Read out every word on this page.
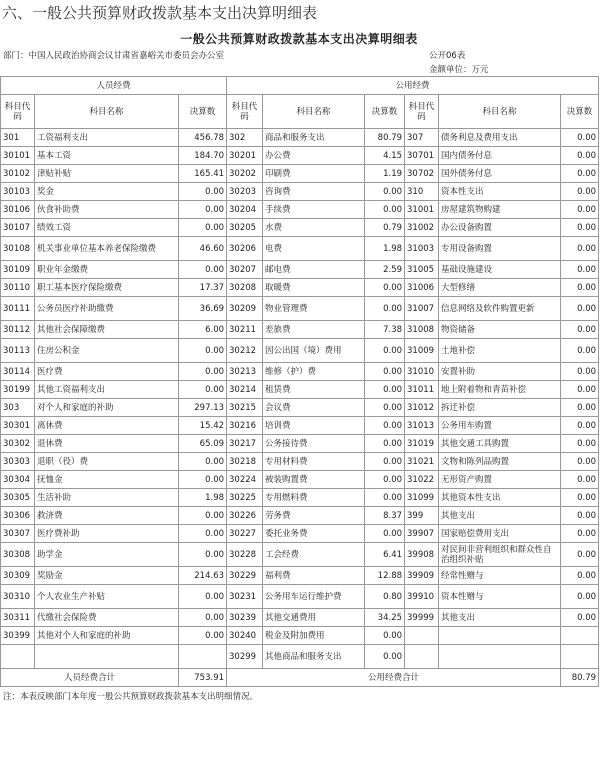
六、一般公共预算财政拨款基本支出决算明细表
一般公共预算财政拨款基本支出决算明细表
部门：中国人民政治协商会议甘肃省嘉峪关市委员会办公室	公开06表
金额单位：万元
人员经费			公用经费					
科目代码	科目名称	决算数	科目代码	科目名称	决算数	科目代码	科目名称	决算数
301	工资福利支出	456.78	302	商品和服务支出	80.79	307	债务利息及费用支出	0.00
30101	基本工资	184.70	30201	办公费	4.15	30701	国内债务付息	0.00
30102	津贴补贴	165.41	30202	印刷费	1.19	30702	国外债务付息	0.00
30103	奖金	0.00	30203	咨询费	0.00	310	资本性支出	0.00
30106	伙食补助费	0.00	30204	手续费	0.00	31001	房屋建筑物购建	0.00
30107	绩效工资	0.00	30205	水费	0.79	31002	办公设备购置	0.00
30108	机关事业单位基本养老保险缴费	46.60	30206	电费	1.98	31003	专用设备购置	0.00
30109	职业年金缴费	0.00	30207	邮电费	2.59	31005	基础设施建设	0.00
30110	职工基本医疗保险缴费	17.37	30208	取暖费	0.00	31006	大型修缮	0.00
30111	公务员医疗补助缴费	36.69	30209	物业管理费	0.00	31007	信息网络及软件购置更新	0.00
30112	其他社会保障缴费	6.00	30211	差旅费	7.38	31008	物资储备	0.00
30113	住房公积金	0.00	30212	因公出国（境）费用	0.00	31009	土地补偿	0.00
30114	医疗费	0.00	30213	维修（护）费	0.00	31010	安置补助	0.00
30199	其他工资福利支出	0.00	30214	租赁费	0.00	31011	地上附着物和青苗补偿	0.00
303	对个人和家庭的补助	297.13	30215	会议费	0.00	31012	拆迁补偿	0.00
30301	离休费	15.42	30216	培训费	0.00	31013	公务用车购置	0.00
30302	退休费	65.09	30217	公务接待费	0.00	31019	其他交通工具购置	0.00
30303	退职（役）费	0.00	30218	专用材料费	0.00	31021	文物和陈列品购置	0.00
30304	抚恤金	0.00	30224	被装购置费	0.00	31022	无形资产购置	0.00
30305	生活补助	1.98	30225	专用燃料费	0.00	31099	其他资本性支出	0.00
30306	救济费	0.00	30226	劳务费	8.37	399	其他支出	0.00
30307	医疗费补助	0.00	30227	委托业务费	0.00	39907	国家赔偿费用支出	0.00
30308	助学金	0.00	30228	工会经费	6.41	39908	对民间非营利组织和群众性自治组织补贴	0.00
30309	奖励金	214.63	30229	福利费	12.88	39909	经常性赠与	0.00
30310	个人农业生产补贴	0.00	30231	公务用车运行维护费	0.80	39910	资本性赠与	0.00
30311	代缴社会保险费	0.00	30239	其他交通费用	34.25	39999	其他支出	0.00
30399	其他对个人和家庭的补助	0.00	30240	税金及附加费用	0.00			
			30299	其他商品和服务支出	0.00			
人员经费合计		753.91	公用经费合计					80.79
注：本表反映部门本年度一般公共预算财政拨款基本支出明细情况。
